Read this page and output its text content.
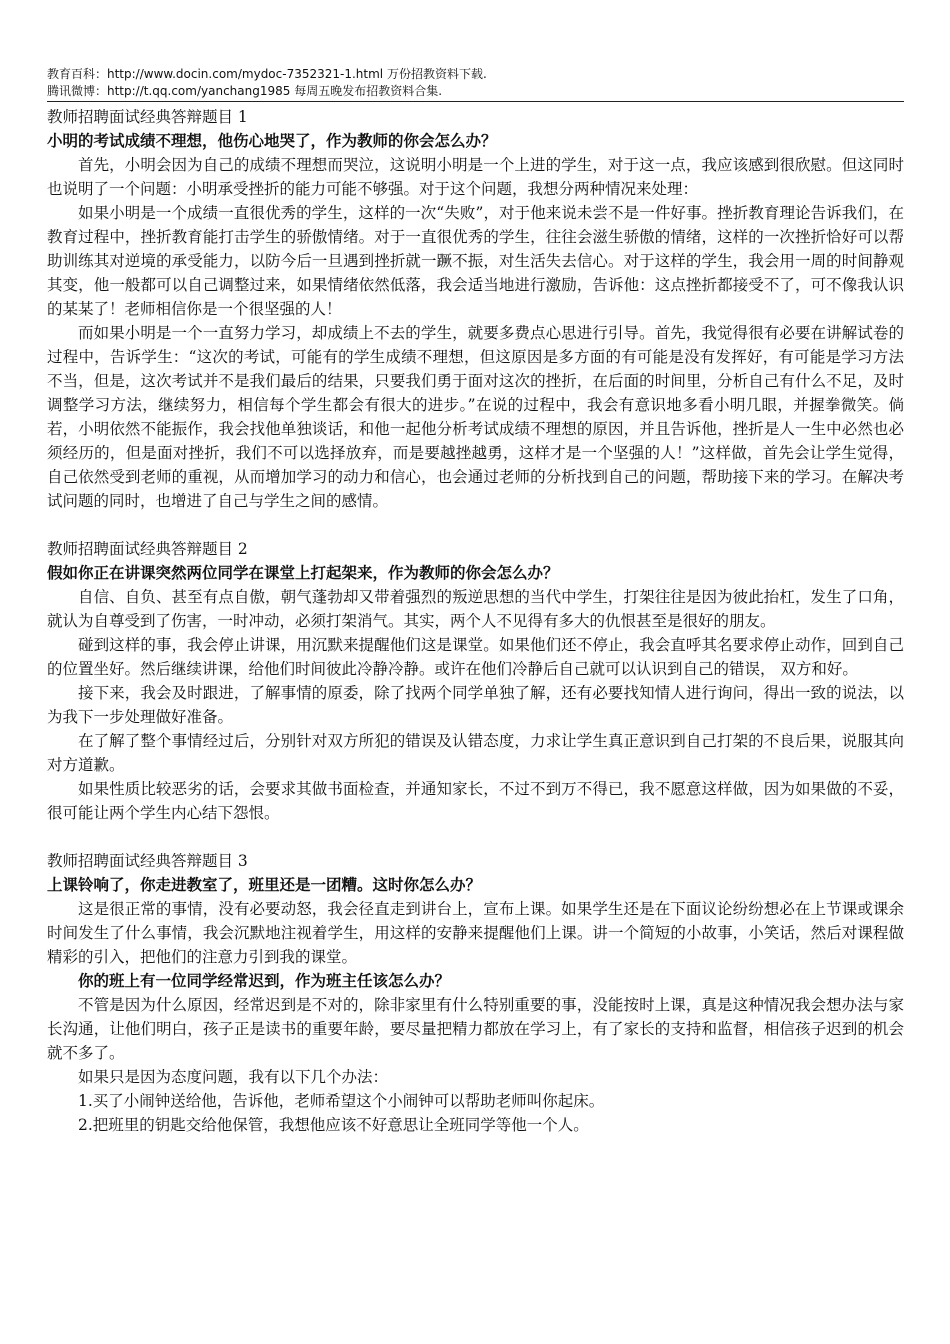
教育百科：http://www.docin.com/mydoc-7352321-1.html 万份招教资料下载.
腾讯微博：http://t.qq.com/yanchang1985 每周五晚发布招教资料合集.
教师招聘面试经典答辩题目 1
小明的考试成绩不理想，他伤心地哭了，作为教师的你会怎么办？

首先，小明会因为自己的成绩不理想而哭泣，这说明小明是一个上进的学生，对于这一点，我应该感到很欣慰。但这同时也说明了一个问题：小明承受挫折的能力可能不够强。对于这个问题，我想分两种情况来处理：

如果小明是一个成绩一直很优秀的学生，这样的一次“失败”，对于他来说未尝不是一件好事。挫折教育理论告诉我们，在教育过程中，挫折教育能打击学生的骄傲情绪。对于一直很优秀的学生，往往会滋生骄傲的情绪，这样的一次挫折恰好可以帮助训练其对逆境的承受能力，以防今后一旦遇到挫折就一蹶不振，对生活失去信心。对于这样的学生，我会用一周的时间静观其变，他一般都可以自己调整过来，如果情绪依然低落，我会适当地进行激励，告诉他：这点挫折都接受不了，可不像我认识的某某了！老师相信你是一个很坚强的人！

而如果小明是一个一直努力学习，却成绩上不去的学生，就要多费点心思进行引导。首先，我觉得很有必要在讲解试卷的过程中，告诉学生：“这次的考试，可能有的学生成绩不理想，但这原因是多方面的有可能是没有发挥好，有可能是学习方法不当，但是，这次考试并不是我们最后的结果，只要我们勇于面对这次的挫折，在后面的时间里，分析自己有什么不足，及时调整学习方法，继续努力，相信每个学生都会有很大的进步。”在说的过程中，我会有意识地多看小明几眼，并握拳微笑。倘若，小明依然不能振作，我会找他单独谈话，和他一起他分析考试成绩不理想的原因，并且告诉他，挫折是人一生中必然也必须经历的，但是面对挫折，我们不可以选择放弃，而是要越挫越勇，这样才是一个坚强的人！”这样做，首先会让学生觉得，自己依然受到老师的重视，从而增加学习的动力和信心，也会通过老师的分析找到自己的问题，帮助接下来的学习。在解决考试问题的同时，也增进了自己与学生之间的感情。

教师招聘面试经典答辩题目 2
假如你正在讲课突然两位同学在课堂上打起架来，作为教师的你会怎么办？

自信、自负、甚至有点自傲，朝气蓬勃却又带着强烈的叛逆思想的当代中学生，打架往往是因为彼此抬杠，发生了口角，就认为自尊受到了伤害，一时冲动，必须打架消气。其实，两个人不见得有多大的仇恨甚至是很好的朋友。

碰到这样的事，我会停止讲课，用沉默来提醒他们这是课堂。如果他们还不停止，我会直呼其名要求停止动作，回到自己的位置坐好。然后继续讲课，给他们时间彼此冷静冷静。或许在他们冷静后自己就可以认识到自己的错误， 双方和好。

接下来，我会及时跟进，了解事情的原委，除了找两个同学单独了解，还有必要找知情人进行询问，得出一致的说法，以为我下一步处理做好准备。

在了解了整个事情经过后，分别针对双方所犯的错误及认错态度，力求让学生真正意识到自己打架的不良后果，说服其向对方道歉。

如果性质比较恶劣的话，会要求其做书面检查，并通知家长，不过不到万不得已，我不愿意这样做，因为如果做的不妥，很可能让两个学生内心结下怨恨。

教师招聘面试经典答辩题目 3
上课铃响了，你走进教室了，班里还是一团糟。这时你怎么办？

这是很正常的事情，没有必要动怒，我会径直走到讲台上，宣布上课。如果学生还是在下面议论纷纷想必在上节课或课余时间发生了什么事情，我会沉默地注视着学生，用这样的安静来提醒他们上课。讲一个简短的小故事，小笑话，然后对课程做精彩的引入，把他们的注意力引到我的课堂。

你的班上有一位同学经常迟到，作为班主任该怎么办？

不管是因为什么原因，经常迟到是不对的，除非家里有什么特别重要的事，没能按时上课，真是这种情况我会想办法与家长沟通，让他们明白，孩子正是读书的重要年龄，要尽量把精力都放在学习上，有了家长的支持和监督，相信孩子迟到的机会就不多了。

如果只是因为态度问题，我有以下几个办法：

1.买了小闹钟送给他，告诉他，老师希望这个小闹钟可以帮助老师叫你起床。

2.把班里的钥匙交给他保管，我想他应该不好意思让全班同学等他一个人。
